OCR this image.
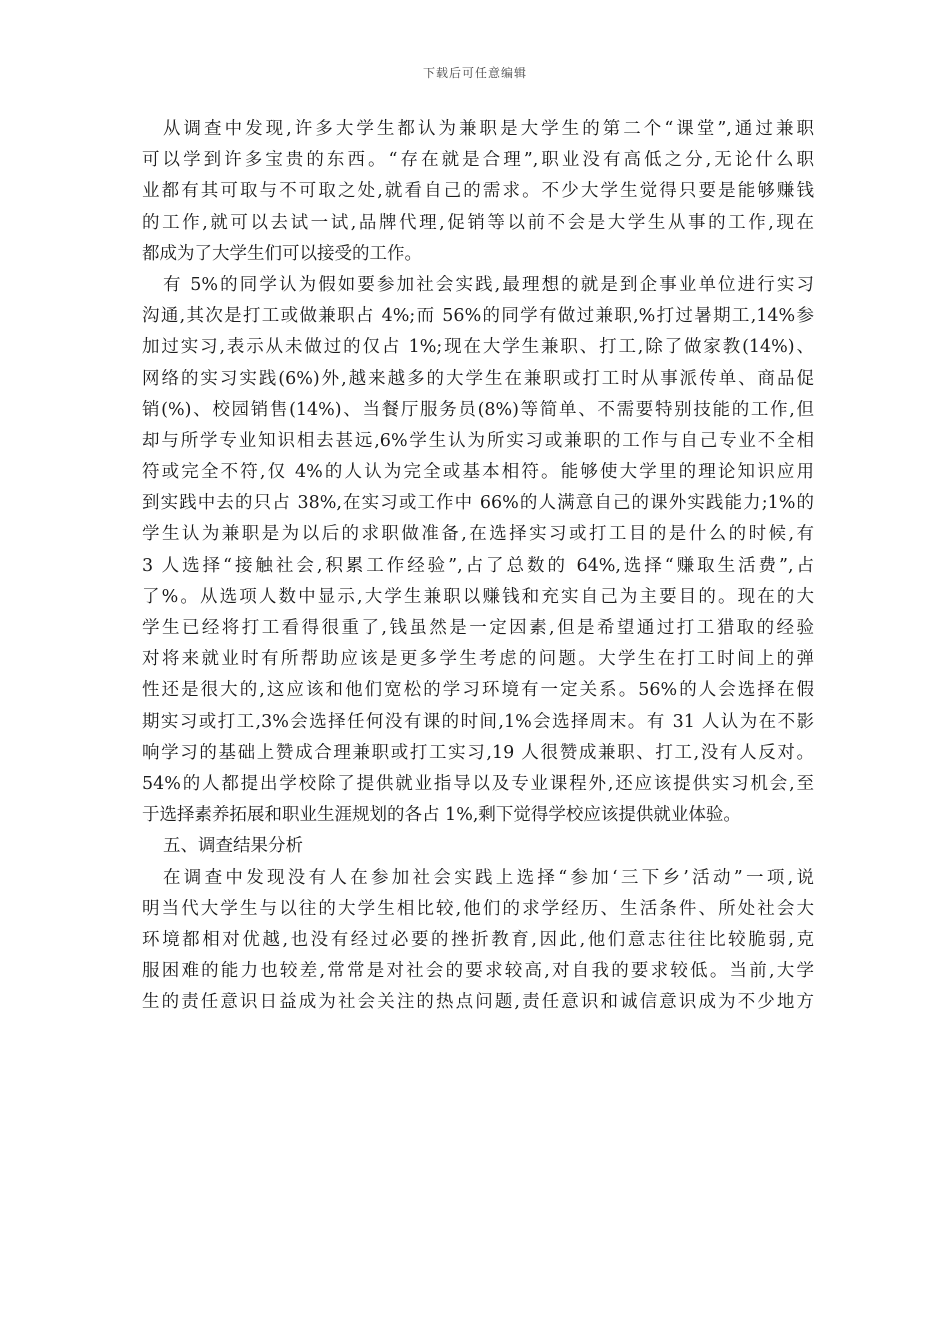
下载后可任意编辑
从调查中发现,许多大学生都认为兼职是大学生的第二个“课堂”,通过兼职
可以学到许多宝贵的东西。“存在就是合理”,职业没有高低之分,无论什么职
业都有其可取与不可取之处,就看自己的需求。不少大学生觉得只要是能够赚钱
的工作,就可以去试一试,品牌代理,促销等以前不会是大学生从事的工作,现在
都成为了大学生们可以接受的工作。
有 5%的同学认为假如要参加社会实践,最理想的就是到企事业单位进行实习
沟通,其次是打工或做兼职占 4%;而 56%的同学有做过兼职,%打过暑期工,14%参
加过实习,表示从未做过的仅占 1%;现在大学生兼职、打工,除了做家教(14%)、
网络的实习实践(6%)外,越来越多的大学生在兼职或打工时从事派传单、商品促
销(%)、校园销售(14%)、当餐厅服务员(8%)等简单、不需要特别技能的工作,但
却与所学专业知识相去甚远,6%学生认为所实习或兼职的工作与自己专业不全相
符或完全不符,仅 4%的人认为完全或基本相符。能够使大学里的理论知识应用
到实践中去的只占 38%,在实习或工作中 66%的人满意自己的课外实践能力;1%的
学生认为兼职是为以后的求职做准备,在选择实习或打工目的是什么的时候,有
3 人选择“接触社会,积累工作经验”,占了总数的 64%,选择“赚取生活费”,占
了%。从选项人数中显示,大学生兼职以赚钱和充实自己为主要目的。现在的大
学生已经将打工看得很重了,钱虽然是一定因素,但是希望通过打工猎取的经验
对将来就业时有所帮助应该是更多学生考虑的问题。大学生在打工时间上的弹
性还是很大的,这应该和他们宽松的学习环境有一定关系。56%的人会选择在假
期实习或打工,3%会选择任何没有课的时间,1%会选择周末。有 31 人认为在不影
响学习的基础上赞成合理兼职或打工实习,19 人很赞成兼职、打工,没有人反对。
54%的人都提出学校除了提供就业指导以及专业课程外,还应该提供实习机会,至
于选择素养拓展和职业生涯规划的各占 1%,剩下觉得学校应该提供就业体验。
五、调查结果分析
在调查中发现没有人在参加社会实践上选择“参加‘三下乡’活动”一项,说
明当代大学生与以往的大学生相比较,他们的求学经历、生活条件、所处社会大
环境都相对优越,也没有经过必要的挫折教育,因此,他们意志往往比较脆弱,克
服困难的能力也较差,常常是对社会的要求较高,对自我的要求较低。当前,大学
生的责任意识日益成为社会关注的热点问题,责任意识和诚信意识成为不少地方
